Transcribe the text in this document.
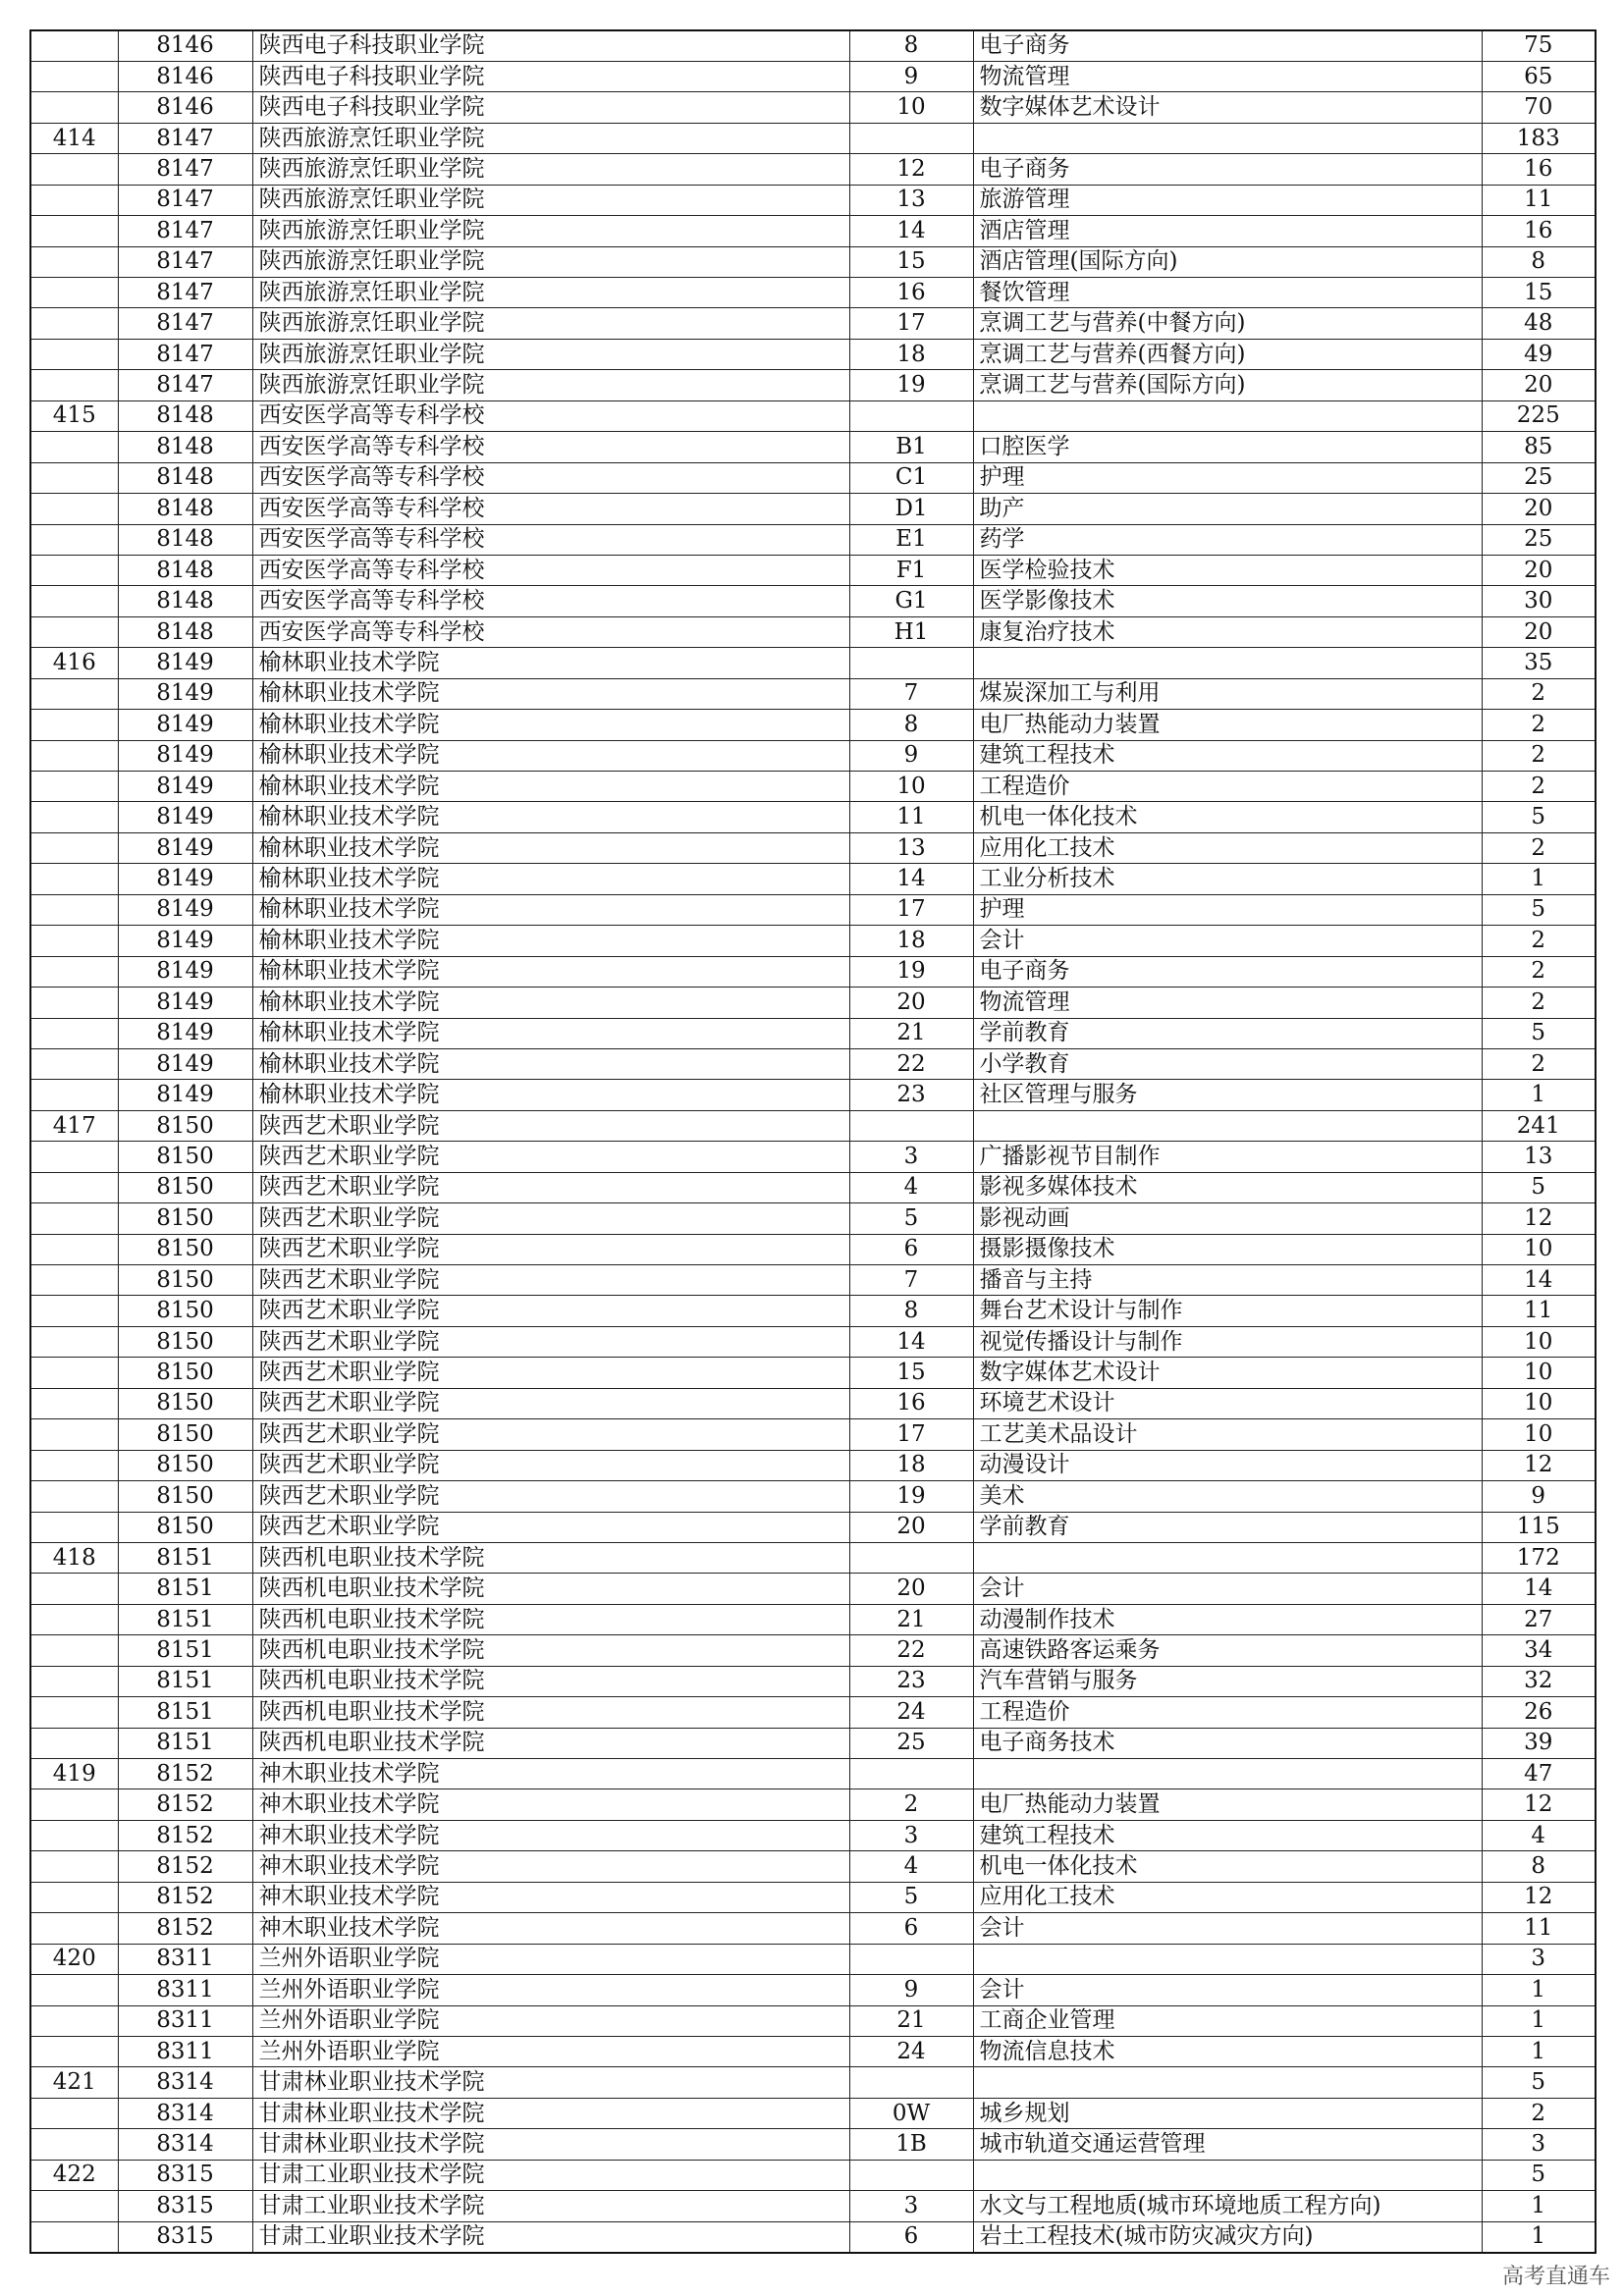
	8146	陕西电子科技职业学院	8	电子商务	75
	8146	陕西电子科技职业学院	9	物流管理	65
	8146	陕西电子科技职业学院	10	数字媒体艺术设计	70
414	8147	陕西旅游烹饪职业学院			183
	8147	陕西旅游烹饪职业学院	12	电子商务	16
	8147	陕西旅游烹饪职业学院	13	旅游管理	11
	8147	陕西旅游烹饪职业学院	14	酒店管理	16
	8147	陕西旅游烹饪职业学院	15	酒店管理(国际方向)	8
	8147	陕西旅游烹饪职业学院	16	餐饮管理	15
	8147	陕西旅游烹饪职业学院	17	烹调工艺与营养(中餐方向)	48
	8147	陕西旅游烹饪职业学院	18	烹调工艺与营养(西餐方向)	49
	8147	陕西旅游烹饪职业学院	19	烹调工艺与营养(国际方向)	20
415	8148	西安医学高等专科学校			225
	8148	西安医学高等专科学校	B1	口腔医学	85
	8148	西安医学高等专科学校	C1	护理	25
	8148	西安医学高等专科学校	D1	助产	20
	8148	西安医学高等专科学校	E1	药学	25
	8148	西安医学高等专科学校	F1	医学检验技术	20
	8148	西安医学高等专科学校	G1	医学影像技术	30
	8148	西安医学高等专科学校	H1	康复治疗技术	20
416	8149	榆林职业技术学院			35
	8149	榆林职业技术学院	7	煤炭深加工与利用	2
	8149	榆林职业技术学院	8	电厂热能动力装置	2
	8149	榆林职业技术学院	9	建筑工程技术	2
	8149	榆林职业技术学院	10	工程造价	2
	8149	榆林职业技术学院	11	机电一体化技术	5
	8149	榆林职业技术学院	13	应用化工技术	2
	8149	榆林职业技术学院	14	工业分析技术	1
	8149	榆林职业技术学院	17	护理	5
	8149	榆林职业技术学院	18	会计	2
	8149	榆林职业技术学院	19	电子商务	2
	8149	榆林职业技术学院	20	物流管理	2
	8149	榆林职业技术学院	21	学前教育	5
	8149	榆林职业技术学院	22	小学教育	2
	8149	榆林职业技术学院	23	社区管理与服务	1
417	8150	陕西艺术职业学院			241
	8150	陕西艺术职业学院	3	广播影视节目制作	13
	8150	陕西艺术职业学院	4	影视多媒体技术	5
	8150	陕西艺术职业学院	5	影视动画	12
	8150	陕西艺术职业学院	6	摄影摄像技术	10
	8150	陕西艺术职业学院	7	播音与主持	14
	8150	陕西艺术职业学院	8	舞台艺术设计与制作	11
	8150	陕西艺术职业学院	14	视觉传播设计与制作	10
	8150	陕西艺术职业学院	15	数字媒体艺术设计	10
	8150	陕西艺术职业学院	16	环境艺术设计	10
	8150	陕西艺术职业学院	17	工艺美术品设计	10
	8150	陕西艺术职业学院	18	动漫设计	12
	8150	陕西艺术职业学院	19	美术	9
	8150	陕西艺术职业学院	20	学前教育	115
418	8151	陕西机电职业技术学院			172
	8151	陕西机电职业技术学院	20	会计	14
	8151	陕西机电职业技术学院	21	动漫制作技术	27
	8151	陕西机电职业技术学院	22	高速铁路客运乘务	34
	8151	陕西机电职业技术学院	23	汽车营销与服务	32
	8151	陕西机电职业技术学院	24	工程造价	26
	8151	陕西机电职业技术学院	25	电子商务技术	39
419	8152	神木职业技术学院			47
	8152	神木职业技术学院	2	电厂热能动力装置	12
	8152	神木职业技术学院	3	建筑工程技术	4
	8152	神木职业技术学院	4	机电一体化技术	8
	8152	神木职业技术学院	5	应用化工技术	12
	8152	神木职业技术学院	6	会计	11
420	8311	兰州外语职业学院			3
	8311	兰州外语职业学院	9	会计	1
	8311	兰州外语职业学院	21	工商企业管理	1
	8311	兰州外语职业学院	24	物流信息技术	1
421	8314	甘肃林业职业技术学院			5
	8314	甘肃林业职业技术学院	0W	城乡规划	2
	8314	甘肃林业职业技术学院	1B	城市轨道交通运营管理	3
422	8315	甘肃工业职业技术学院			5
	8315	甘肃工业职业技术学院	3	水文与工程地质(城市环境地质工程方向)	1
	8315	甘肃工业职业技术学院	6	岩土工程技术(城市防灾减灾方向)	1
高考直通车
